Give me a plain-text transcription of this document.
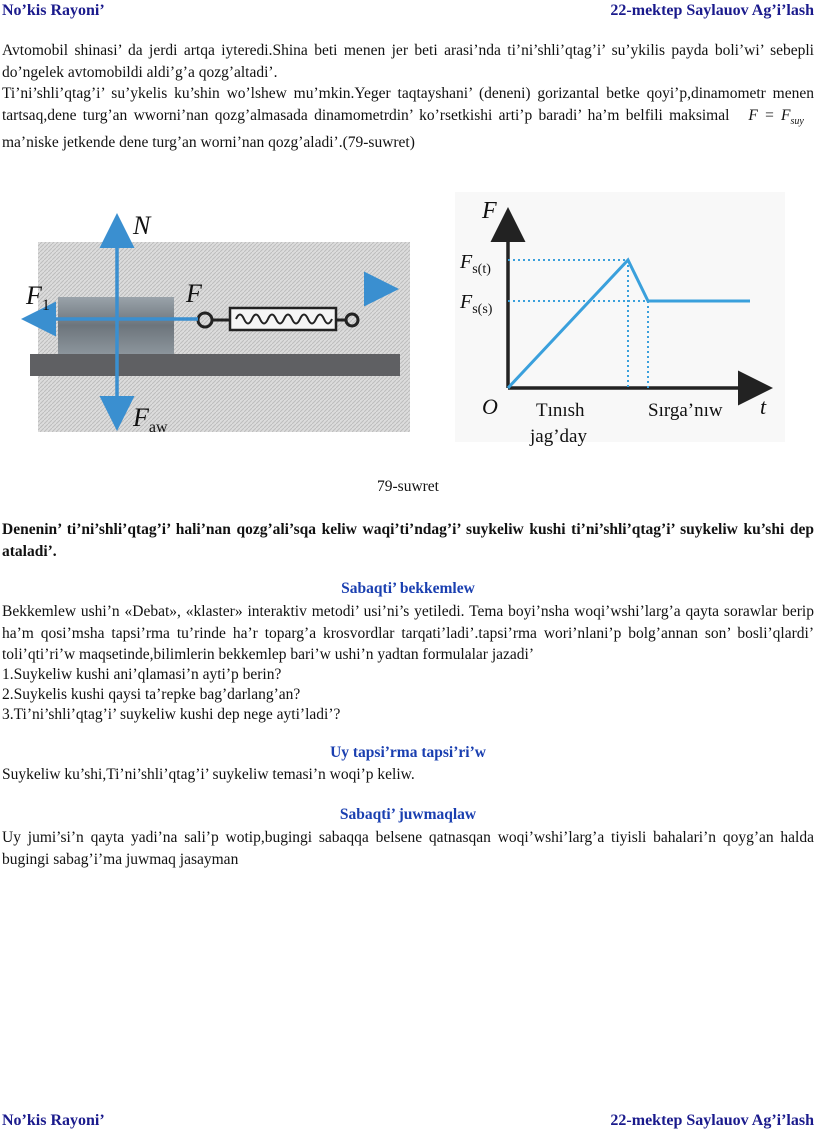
No’kis Rayoni’	22-mektep Saylauov Ag’i’lash

Avtomobil shinasi’ da jerdi artqa iyteredi.Shina beti menen jer beti arasi’nda ti’ni’shli’qtag’i’ su’ykilis payda boli’wi’ sebepli do’ngelek avtomobildi aldi’g’a qozg’altadi’.

Ti’ni’shli’qtag’i’ su’ykelis ku’shin wo’lshew mu’mkin.Yeger taqtayshani’ (deneni) gorizantal betke qoyi’p,dinamometr menen tartsaq,dene turg’an wworni’nan qozg’almasada dinamometrdin’ ko’rsetkishi arti’p baradi’ ha’m belfili maksimal $F = F_{suy}$   ma’niske jetkende dene turg’an worni’nan qozg’aladi’.(79-suwret)

N
$F_1$	F
$F_{aw}$
F
$F_{s(t)}$
$F_{s(s)}$
O	t
Tınısh
jag’day
Sırga’nıw
79-suwret

Denenin’ ti’ni’shli’qtag’i’ hali’nan qozg’ali’sqa keliw waqi’ti’ndag’i’ suykeliw kushi ti’ni’shli’qtag’i’ suykeliw ku’shi dep ataladi’.

Sabaqti’ bekkemlew

Bekkemlew ushi’n «Debat», «klaster» interaktiv metodi’ usi’ni’s yetiledi. Tema boyi’nsha woqi’wshi’larg’a qayta sorawlar berip ha’m qosi’msha tapsi’rma tu’rinde ha’r toparg’a krosvordlar tarqati’ladi’.tapsi’rma wori’nlani’p bolg’annan son’ bosli’qlardi’ toli’qti’ri’w maqsetinde,bilimlerin bekkemlep bari’w ushi’n yadtan formulalar jazadi’

1.Suykeliw kushi ani’qlamasi’n ayti’p berin?

2.Suykelis kushi qaysi ta’repke bag’darlang’an?

3.Ti’ni’shli’qtag’i’ suykeliw kushi dep nege ayti’ladi’?

Uy tapsi’rma tapsi’ri’w

Suykeliw ku’shi,Ti’ni’shli’qtag’i’ suykeliw temasi’n woqi’p keliw.

Sabaqti’ juwmaqlaw

Uy jumi’si’n qayta yadi’na sali’p wotip,bugingi sabaqqa belsene qatnasqan woqi’wshi’larg’a tiyisli bahalari’n qoyg’an halda bugingi sabag’i’ma juwmaq jasayman

No’kis Rayoni’	22-mektep Saylauov Ag’i’lash
